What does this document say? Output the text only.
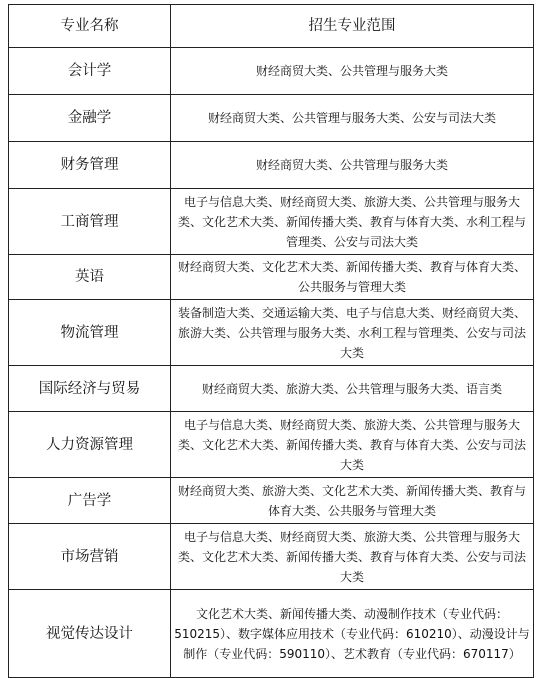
专业名称	招生专业范围
会计学	财经商贸大类、公共管理与服务大类
金融学	财经商贸大类、公共管理与服务大类、公安与司法大类
财务管理	财经商贸大类、公共管理与服务大类
工商管理	电子与信息大类、财经商贸大类、旅游大类、公共管理与服务大类、文化艺术大类、新闻传播大类、教育与体育大类、水利工程与管理类、公安与司法大类
英语	财经商贸大类、文化艺术大类、新闻传播大类、教育与体育大类、公共服务与管理大类
物流管理	装备制造大类、交通运输大类、电子与信息大类、财经商贸大类、旅游大类、公共管理与服务大类、水利工程与管理类、公安与司法大类
国际经济与贸易	财经商贸大类、旅游大类、公共管理与服务大类、语言类
人力资源管理	电子与信息大类、财经商贸大类、旅游大类、公共管理与服务大类、文化艺术大类、新闻传播大类、教育与体育大类、公安与司法大类
广告学	财经商贸大类、旅游大类、文化艺术大类、新闻传播大类、教育与体育大类、公共服务与管理大类
市场营销	电子与信息大类、财经商贸大类、旅游大类、公共管理与服务大类、文化艺术大类、新闻传播大类、教育与体育大类、公安与司法大类
视觉传达设计	文化艺术大类、新闻传播大类、动漫制作技术（专业代码：510215）、数字媒体应用技术（专业代码：610210）、动漫设计与制作（专业代码：590110）、艺术教育（专业代码：670117）
